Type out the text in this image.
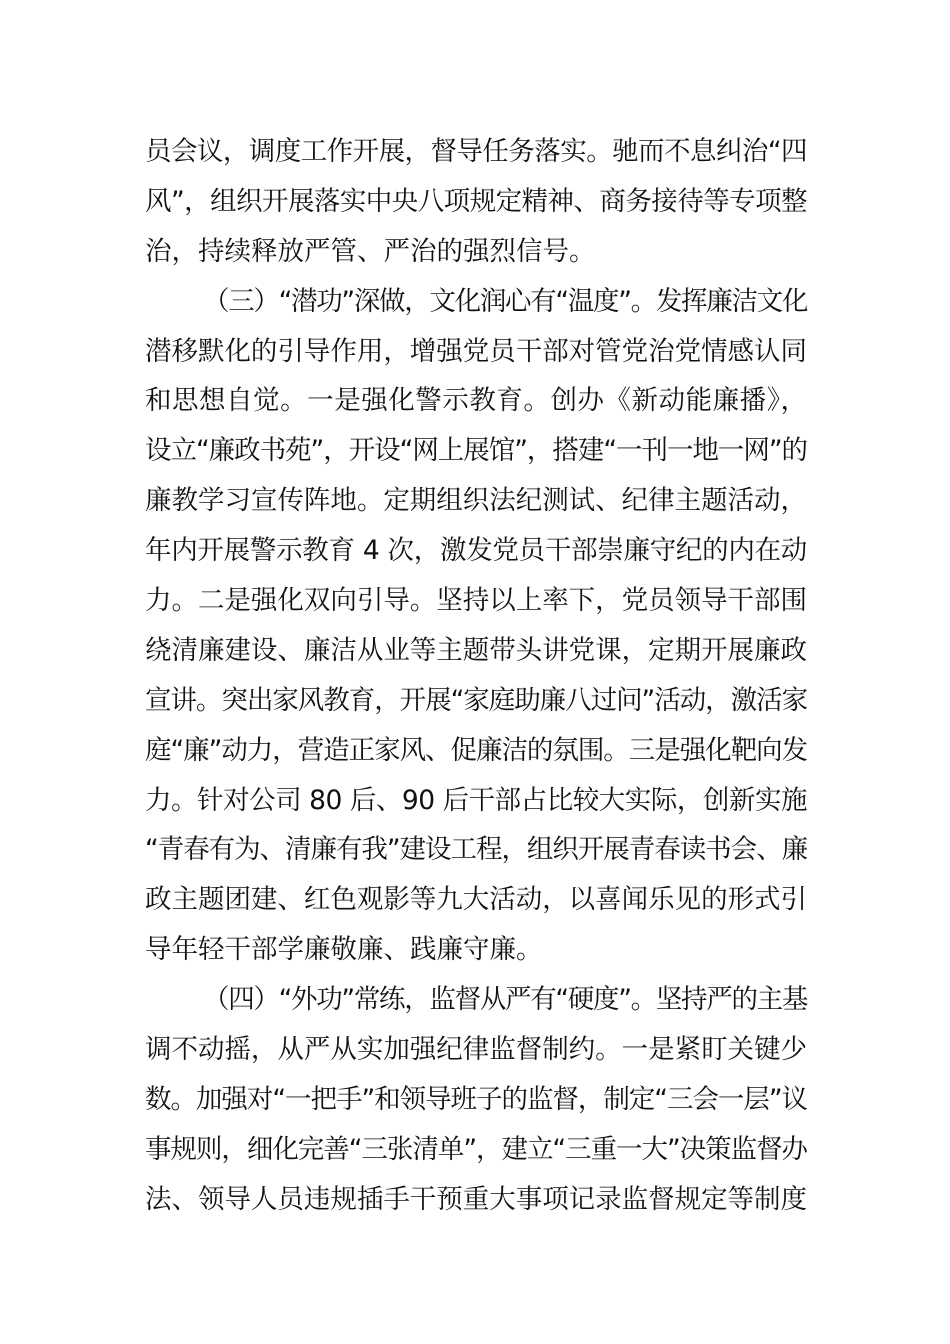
员会议，调度工作开展，督导任务落实。驰而不息纠治“四
风”，组织开展落实中央八项规定精神、商务接待等专项整
治，持续释放严管、严治的强烈信号。
（三）“潜功”深做，文化润心有“温度”。发挥廉洁文化
潜移默化的引导作用，增强党员干部对管党治党情感认同
和思想自觉。一是强化警示教育。创办《新动能廉播》，
设立“廉政书苑”，开设“网上展馆”，搭建“一刊一地一网”的
廉教学习宣传阵地。定期组织法纪测试、纪律主题活动，
年内开展警示教育 4 次，激发党员干部崇廉守纪的内在动
力。二是强化双向引导。坚持以上率下，党员领导干部围
绕清廉建设、廉洁从业等主题带头讲党课，定期开展廉政
宣讲。突出家风教育，开展“家庭助廉八过问”活动，激活家
庭“廉”动力，营造正家风、促廉洁的氛围。三是强化靶向发
力。针对公司 80 后、90 后干部占比较大实际，创新实施
“青春有为、清廉有我”建设工程，组织开展青春读书会、廉
政主题团建、红色观影等九大活动，以喜闻乐见的形式引
导年轻干部学廉敬廉、践廉守廉。
（四）“外功”常练，监督从严有“硬度”。坚持严的主基
调不动摇，从严从实加强纪律监督制约。一是紧盯关键少
数。加强对“一把手”和领导班子的监督，制定“三会一层”议
事规则，细化完善“三张清单”，建立“三重一大”决策监督办
法、领导人员违规插手干预重大事项记录监督规定等制度
